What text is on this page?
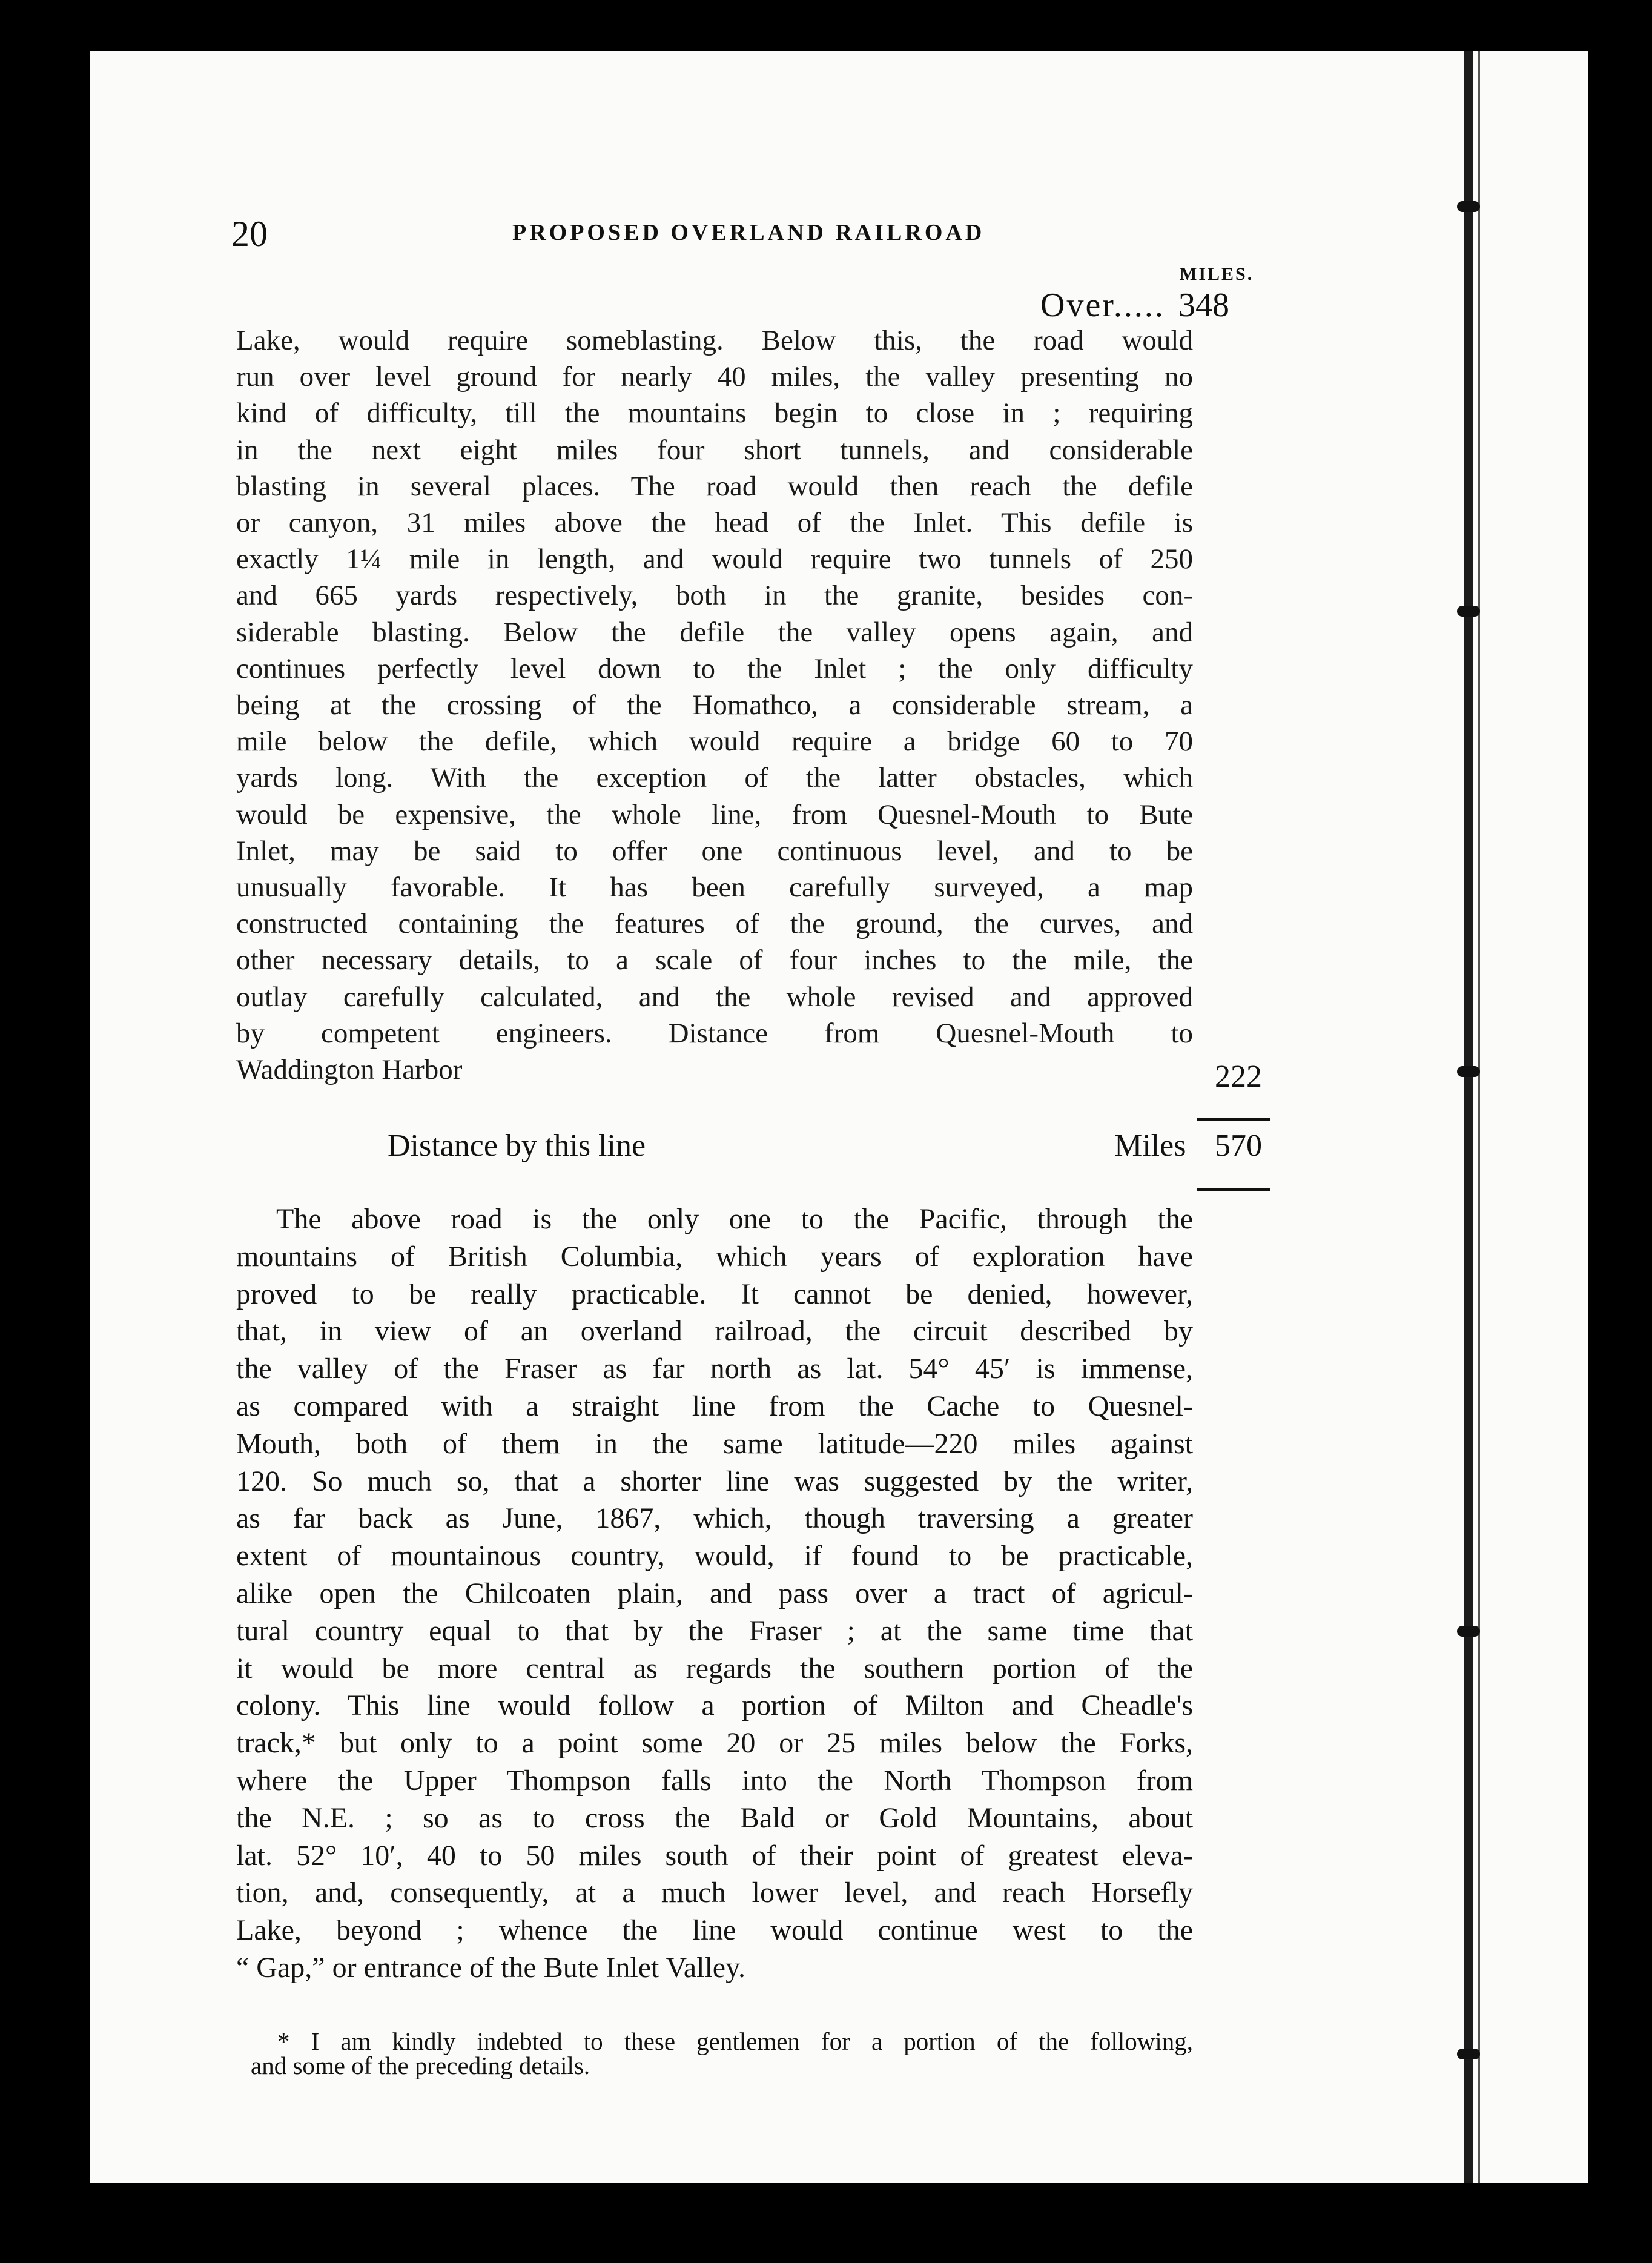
20	PROPOSED OVERLAND RAILROAD

MILES.

Over..... 348

Lake, would require someblasting. Below this, the road would
run over level ground for nearly 40 miles, the valley presenting no
kind of difficulty, till the mountains begin to close in ; requiring
in the next eight miles four short tunnels, and considerable
blasting in several places. The road would then reach the defile
or canyon, 31 miles above the head of the Inlet. This defile is
exactly 1¼ mile in length, and would require two tunnels of 250
and 665 yards respectively, both in the granite, besides con-
siderable blasting. Below the defile the valley opens again, and
continues perfectly level down to the Inlet ; the only difficulty
being at the crossing of the Homathco, a considerable stream, a
mile below the defile, which would require a bridge 60 to 70
yards long. With the exception of the latter obstacles, which
would be expensive, the whole line, from Quesnel-Mouth to Bute
Inlet, may be said to offer one continuous level, and to be
unusually favorable. It has been carefully surveyed, a map
constructed containing the features of the ground, the curves, and
other necessary details, to a scale of four inches to the mile, the
outlay carefully calculated, and the whole revised and approved
by competent engineers. Distance from Quesnel-Mouth to
Waddington Harbor	222

Distance by this line	Miles 570

The above road is the only one to the Pacific, through the
mountains of British Columbia, which years of exploration have
proved to be really practicable. It cannot be denied, however,
that, in view of an overland railroad, the circuit described by
the valley of the Fraser as far north as lat. 54° 45′ is immense,
as compared with a straight line from the Cache to Quesnel-
Mouth, both of them in the same latitude—220 miles against
120. So much so, that a shorter line was suggested by the writer,
as far back as June, 1867, which, though traversing a greater
extent of mountainous country, would, if found to be practicable,
alike open the Chilcoaten plain, and pass over a tract of agricul-
tural country equal to that by the Fraser ; at the same time that
it would be more central as regards the southern portion of the
colony. This line would follow a portion of Milton and Cheadle's
track,* but only to a point some 20 or 25 miles below the Forks,
where the Upper Thompson falls into the North Thompson from
the N.E. ; so as to cross the Bald or Gold Mountains, about
lat. 52° 10′, 40 to 50 miles south of their point of greatest eleva-
tion, and, consequently, at a much lower level, and reach Horsefly
Lake, beyond ; whence the line would continue west to the
“ Gap,” or entrance of the Bute Inlet Valley.
* I am kindly indebted to these gentlemen for a portion of the following,
and some of the preceding details.
